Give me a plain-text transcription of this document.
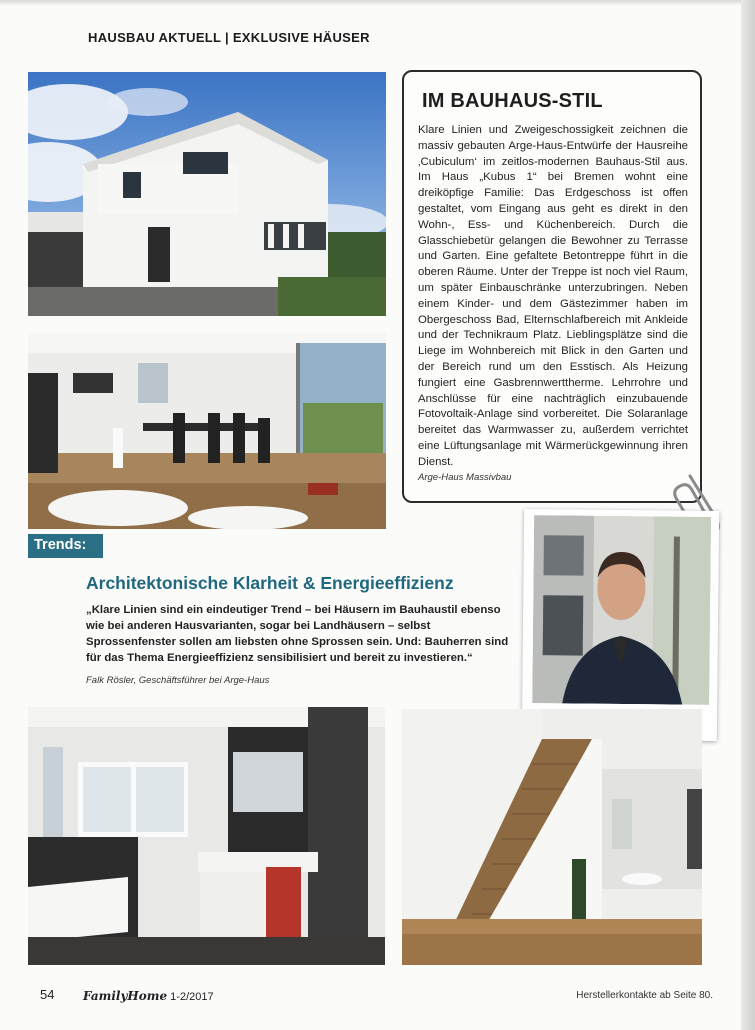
HAUSBAU AKTUELL | EXKLUSIVE HÄUSER
IM BAUHAUS-STIL
Klare Linien und Zweigeschossigkeit zeichnen die massiv gebauten Arge-Haus-Entwürfe der Hausreihe ‚Cubiculum‘ im zeitlos-modernen Bauhaus-Stil aus. Im Haus „Kubus 1“ bei Bremen wohnt eine dreiköpfige Familie: Das Erdgeschoss ist offen gestaltet, vom Eingang aus geht es direkt in den Wohn-, Ess- und Küchenbereich. Durch die Glasschiebetür gelangen die Bewohner zu Terrasse und Garten. Eine gefaltete Betontreppe führt in die oberen Räume. Unter der Treppe ist noch viel Raum, um später Einbauschränke unterzubringen. Neben einem Kinder- und dem Gästezimmer haben im Obergeschoss Bad, Elternschlafbereich mit Ankleide und der Technikraum Platz. Lieblingsplätze sind die Liege im Wohnbereich mit Blick in den Garten und der Bereich rund um den Esstisch. Als Heizung fungiert eine Gasbrennwerttherme. Lehrrohre und Anschlüsse für eine nachträglich einzubauende Fotovoltaik-Anlage sind vorbereitet. Die Solaranlage bereitet das Warmwasser zu, außerdem verrichtet eine Lüftungsanlage mit Wärmerückgewinnung ihren Dienst.
Arge-Haus Massivbau
Trends:
Architektonische Klarheit & Energieeffizienz
„Klare Linien sind ein eindeutiger Trend – bei Häusern im Bauhaustil ebenso wie bei anderen Hausvarianten, sogar bei Landhäusern – selbst Sprossenfenster sollen am liebsten ohne Sprossen sein. Und: Bauherren sind für das Thema Energieeffizienz sensibilisiert und bereit zu investieren.“
Falk Rösler, Geschäftsführer bei Arge-Haus
54 FamilyHome 1-2/2017	Herstellerkontakte ab Seite 80.
